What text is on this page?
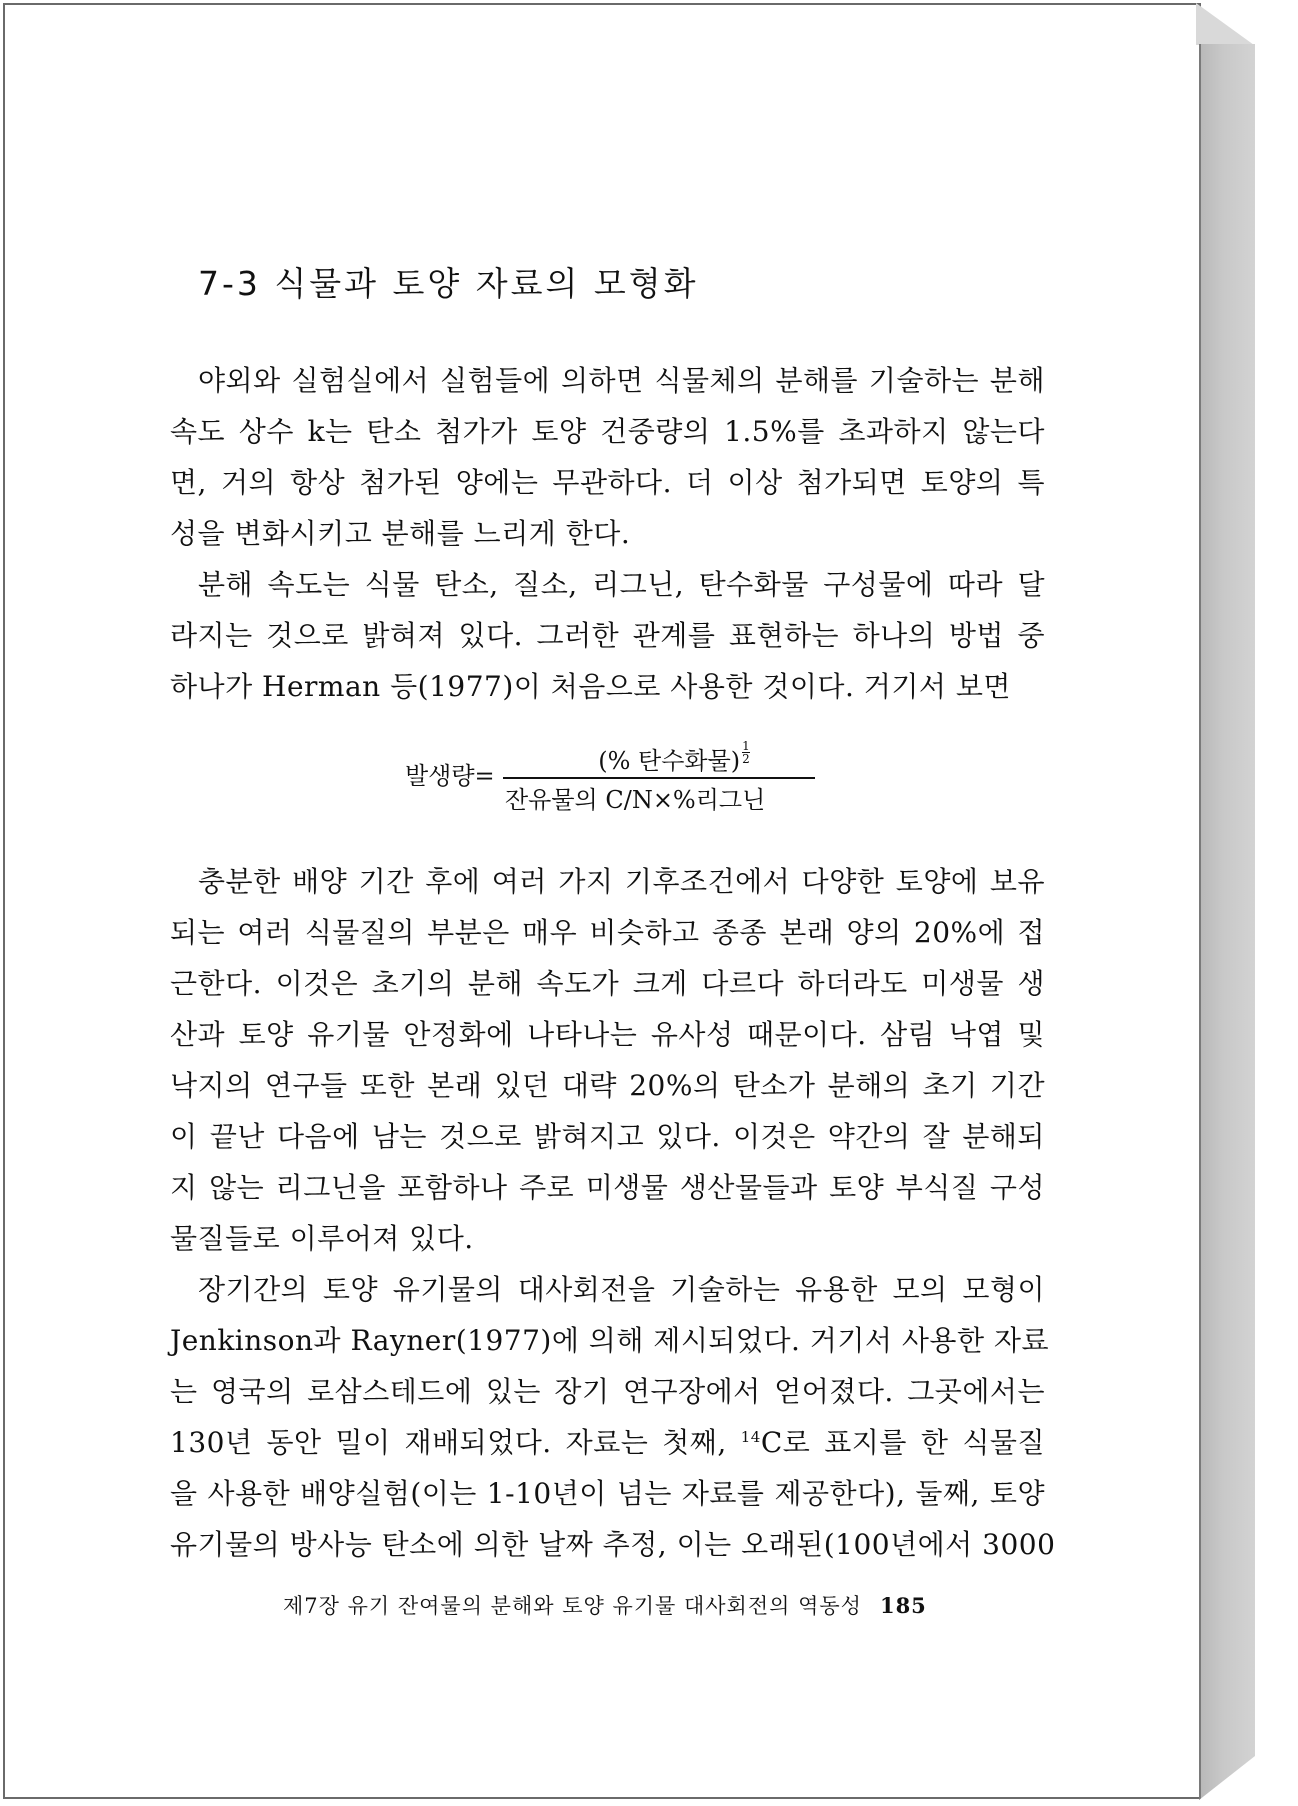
7-3 식물과 토양 자료의 모형화
야외와 실험실에서 실험들에 의하면 식물체의 분해를 기술하는 분해
속도 상수 k는 탄소 첨가가 토양 건중량의 1.5%를 초과하지 않는다
면, 거의 항상 첨가된 양에는 무관하다. 더 이상 첨가되면 토양의 특
성을 변화시키고 분해를 느리게 한다.
분해 속도는 식물 탄소, 질소, 리그닌, 탄수화물 구성물에 따라 달
라지는 것으로 밝혀져 있다. 그러한 관계를 표현하는 하나의 방법 중
하나가 Herman 등(1977)이 처음으로 사용한 것이다. 거기서 보면
발생량=
(% 탄수화물) $\frac{1}{2}$
잔유물의 C/N×%리그닌
충분한 배양 기간 후에 여러 가지 기후조건에서 다양한 토양에 보유
되는 여러 식물질의 부분은 매우 비슷하고 종종 본래 양의 20%에 접
근한다. 이것은 초기의 분해 속도가 크게 다르다 하더라도 미생물 생
산과 토양 유기물 안정화에 나타나는 유사성 때문이다. 삼림 낙엽 및
낙지의 연구들 또한 본래 있던 대략 20%의 탄소가 분해의 초기 기간
이 끝난 다음에 남는 것으로 밝혀지고 있다. 이것은 약간의 잘 분해되
지 않는 리그닌을 포함하나 주로 미생물 생산물들과 토양 부식질 구성
물질들로 이루어져 있다.
장기간의 토양 유기물의 대사회전을 기술하는 유용한 모의 모형이
Jenkinson과 Rayner(1977)에 의해 제시되었다. 거기서 사용한 자료
는 영국의 로삼스테드에 있는 장기 연구장에서 얻어졌다. 그곳에서는
130년 동안 밀이 재배되었다. 자료는 첫째, $^{14}$C로 표지를 한 식물질
을 사용한 배양실험(이는 1-10년이 넘는 자료를 제공한다), 둘째, 토양
유기물의 방사능 탄소에 의한 날짜 추정, 이는 오래된(100년에서 3000
제7장 유기 잔여물의 분해와 토양 유기물 대사회전의 역동성 185
